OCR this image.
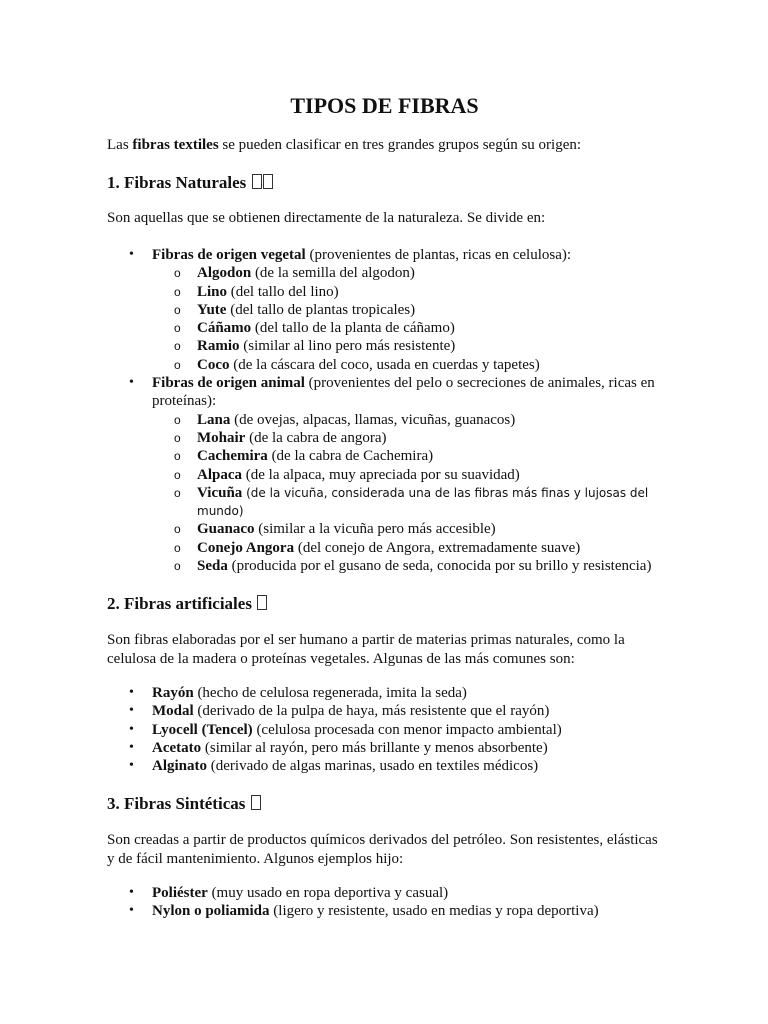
TIPOS DE FIBRAS

Las fibras textiles se pueden clasificar en tres grandes grupos según su origen:

1. Fibras Naturales

Son aquellas que se obtienen directamente de la naturaleza. Se divide en:

• Fibras de origen vegetal (provenientes de plantas, ricas en celulosa):
o Algodon (de la semilla del algodon)
o Lino (del tallo del lino)
o Yute (del tallo de plantas tropicales)
o Cáñamo (del tallo de la planta de cáñamo)
o Ramio (similar al lino pero más resistente)
o Coco (de la cáscara del coco, usada en cuerdas y tapetes)
• Fibras de origen animal (provenientes del pelo o secreciones de animales, ricas en proteínas):
o Lana (de ovejas, alpacas, llamas, vicuñas, guanacos)
o Mohair (de la cabra de angora)
o Cachemira (de la cabra de Cachemira)
o Alpaca (de la alpaca, muy apreciada por su suavidad)
o Vicuña (de la vicuña, considerada una de las fibras más finas y lujosas del mundo)
o Guanaco (similar a la vicuña pero más accesible)
o Conejo Angora (del conejo de Angora, extremadamente suave)
o Seda (producida por el gusano de seda, conocida por su brillo y resistencia)
2. Fibras artificiales

Son fibras elaboradas por el ser humano a partir de materias primas naturales, como la celulosa de la madera o proteínas vegetales. Algunas de las más comunes son:

• Rayón (hecho de celulosa regenerada, imita la seda)
• Modal (derivado de la pulpa de haya, más resistente que el rayón)
• Lyocell (Tencel) (celulosa procesada con menor impacto ambiental)
• Acetato (similar al rayón, pero más brillante y menos absorbente)
• Alginato (derivado de algas marinas, usado en textiles médicos)
3. Fibras Sintéticas

Son creadas a partir de productos químicos derivados del petróleo. Son resistentes, elásticas y de fácil mantenimiento. Algunos ejemplos hijo:

• Poliéster (muy usado en ropa deportiva y casual)
• Nylon o poliamida (ligero y resistente, usado en medias y ropa deportiva)
